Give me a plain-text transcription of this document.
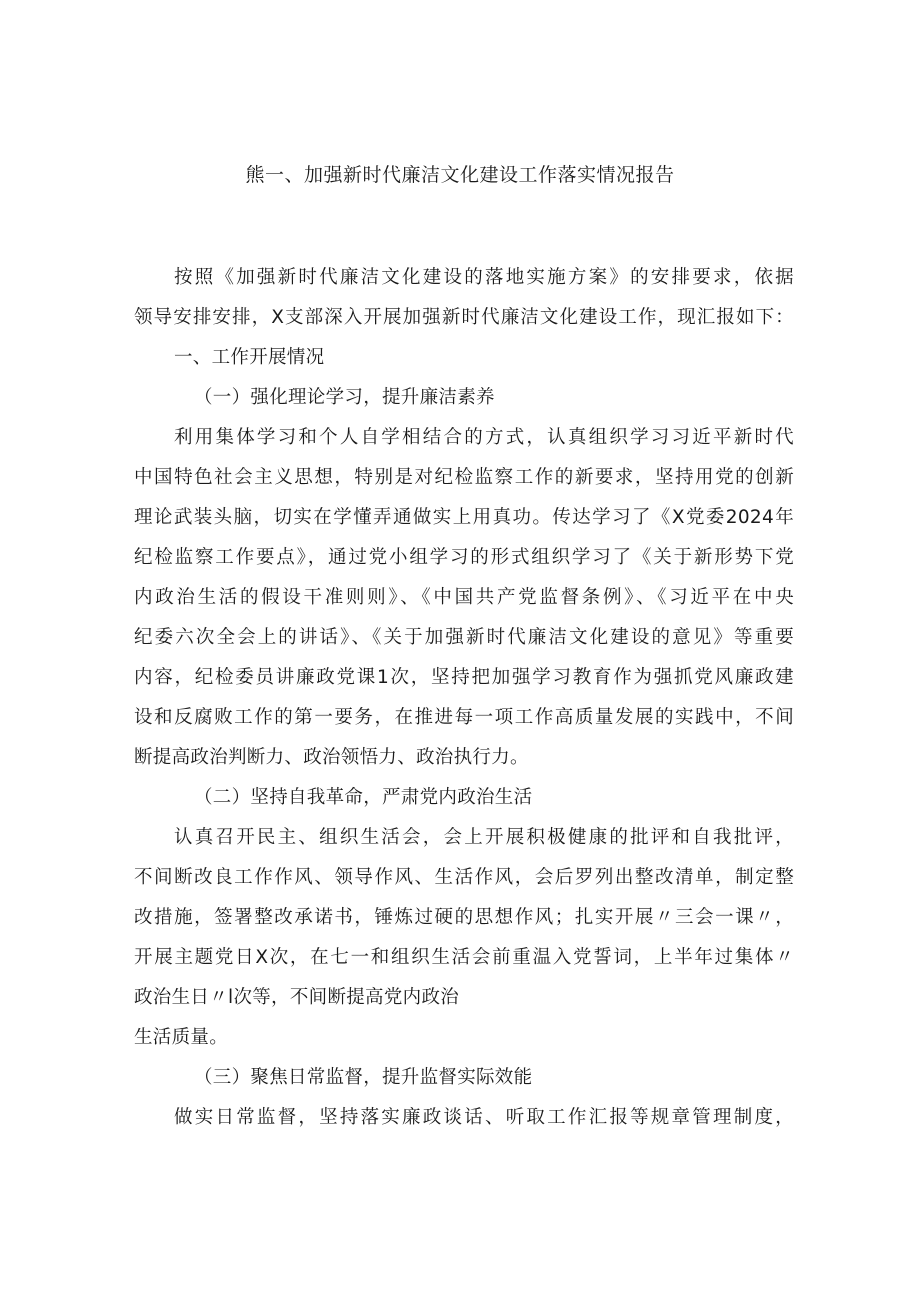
熊一、加强新时代廉洁文化建设工作落实情况报告
按照《加强新时代廉洁文化建设的落地实施方案》的安排要求，依据
领导安排安排，X支部深入开展加强新时代廉洁文化建设工作，现汇报如下：
一、工作开展情况
（一）强化理论学习，提升廉洁素养
利用集体学习和个人自学相结合的方式，认真组织学习习近平新时代
中国特色社会主义思想，特别是对纪检监察工作的新要求，坚持用党的创新
理论武装头脑，切实在学懂弄通做实上用真功。传达学习了《X党委2024年
纪检监察工作要点》，通过党小组学习的形式组织学习了《关于新形势下党
内政治生活的假设干准则则》、《中国共产党监督条例》、《习近平在中央
纪委六次全会上的讲话》、《关于加强新时代廉洁文化建设的意见》等重要
内容，纪检委员讲廉政党课1次，坚持把加强学习教育作为强抓党风廉政建
设和反腐败工作的第一要务，在推进每一项工作高质量发展的实践中，不间
断提高政治判断力、政治领悟力、政治执行力。
（二）坚持自我革命，严肃党内政治生活
认真召开民主、组织生活会，会上开展积极健康的批评和自我批评，
不间断改良工作作风、领导作风、生活作风，会后罗列出整改清单，制定整
改措施，签署整改承诺书，锤炼过硬的思想作风；扎实开展〃三会一课〃，
开展主题党日X次，在七一和组织生活会前重温入党誓词，上半年过集体〃
政治生日〃l次等，不间断提高党内政治
生活质量。
（三）聚焦日常监督，提升监督实际效能
做实日常监督，坚持落实廉政谈话、听取工作汇报等规章管理制度，
